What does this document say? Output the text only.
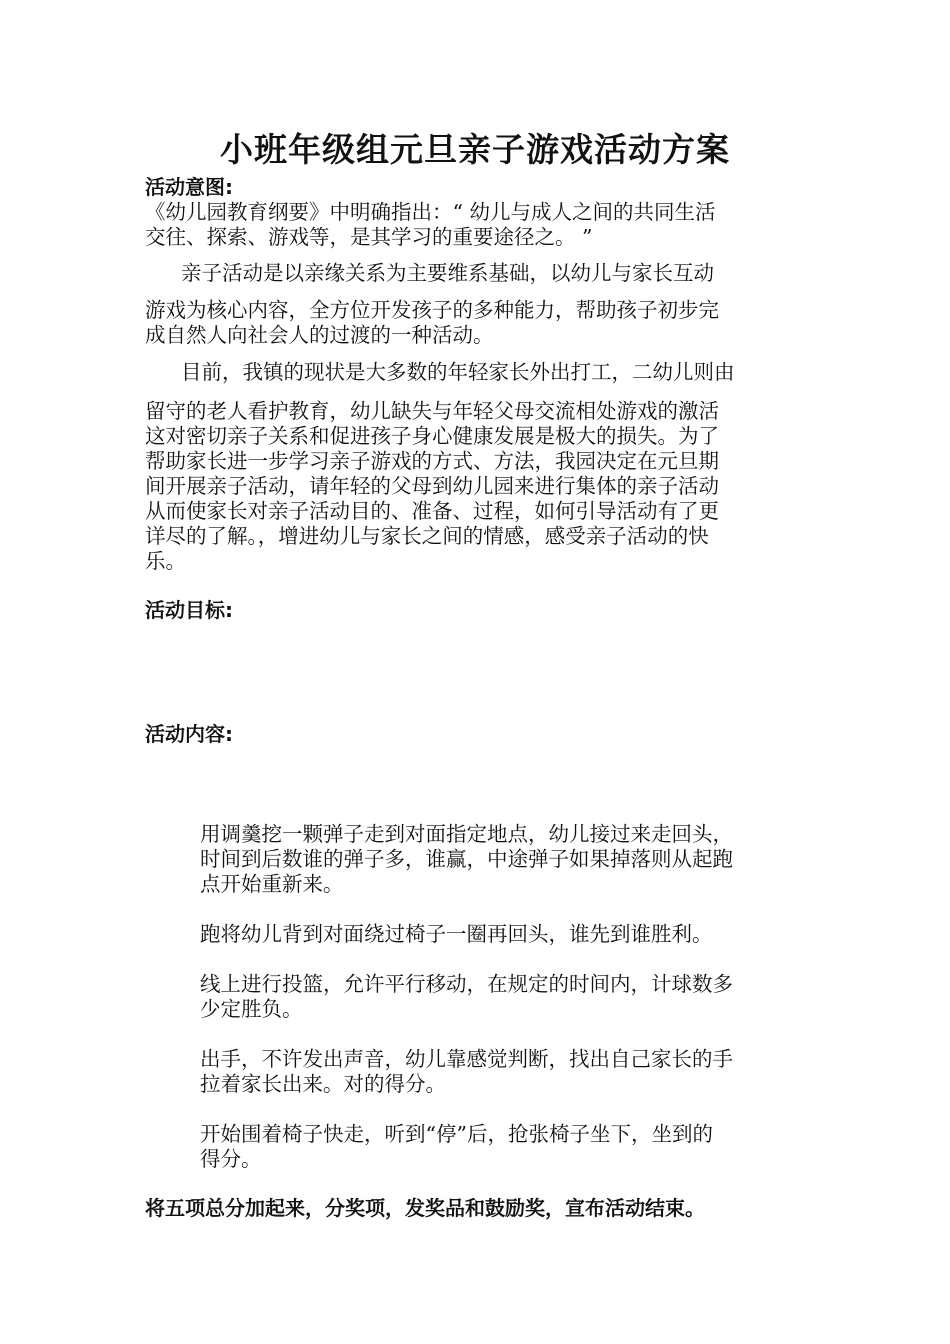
小班年级组元旦亲子游戏活动方案
活动意图:
《幼儿园教育纲要》中明确指出：“ 幼儿与成人之间的共同生活
交往、探索、游戏等，是其学习的重要途径之。 ”
亲子活动是以亲缘关系为主要维系基础，以幼儿与家长互动
游戏为核心内容，全方位开发孩子的多种能力，帮助孩子初步完
成自然人向社会人的过渡的一种活动。
目前，我镇的现状是大多数的年轻家长外出打工，二幼儿则由
留守的老人看护教育，幼儿缺失与年轻父母交流相处游戏的激活
这对密切亲子关系和促进孩子身心健康发展是极大的损失。为了
帮助家长进一步学习亲子游戏的方式、方法，我园决定在元旦期
间开展亲子活动，请年轻的父母到幼儿园来进行集体的亲子活动
从而使家长对亲子活动目的、准备、过程，如何引导活动有了更
详尽的了解。，增进幼儿与家长之间的情感，感受亲子活动的快
乐。
活动目标:
活动内容:
用调羹挖一颗弹子走到对面指定地点，幼儿接过来走回头，
时间到后数谁的弹子多，谁赢，中途弹子如果掉落则从起跑
点开始重新来。
跑将幼儿背到对面绕过椅子一圈再回头，谁先到谁胜利。
线上进行投篮，允许平行移动，在规定的时间内，计球数多
少定胜负。
出手，不许发出声音，幼儿靠感觉判断，找出自己家长的手
拉着家长出来。对的得分。
开始围着椅子快走，听到“停”后，抢张椅子坐下，坐到的
得分。
将五项总分加起来，分奖项，发奖品和鼓励奖，宣布活动结束。
